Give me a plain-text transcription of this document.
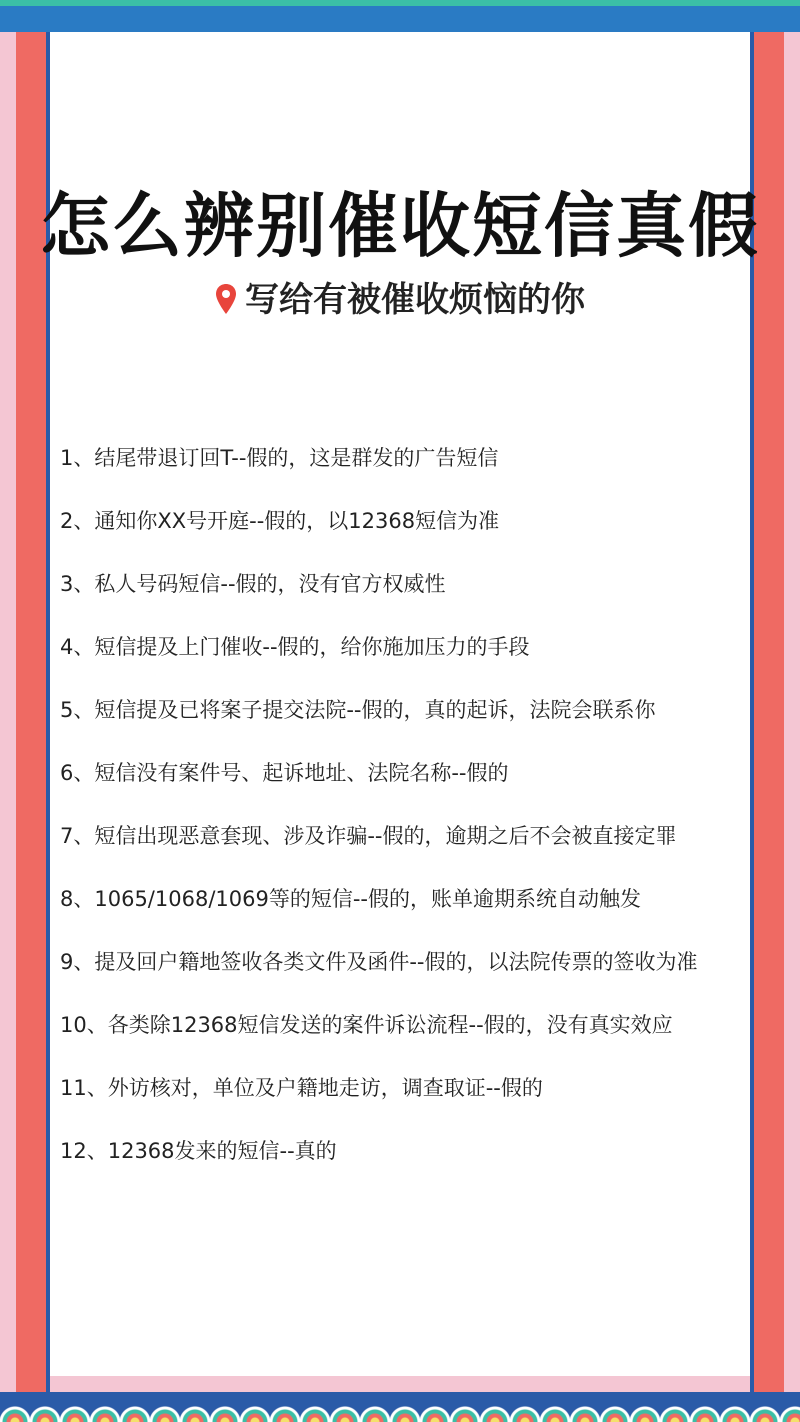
怎么辨别催收短信真假
写给有被催收烦恼的你
1、结尾带退订回T--假的，这是群发的广告短信
2、通知你XX号开庭--假的，以12368短信为准
3、私人号码短信--假的，没有官方权威性
4、短信提及上门催收--假的，给你施加压力的手段
5、短信提及已将案子提交法院--假的，真的起诉，法院会联系你
6、短信没有案件号、起诉地址、法院名称--假的
7、短信出现恶意套现、涉及诈骗--假的，逾期之后不会被直接定罪
8、1065/1068/1069等的短信--假的，账单逾期系统自动触发
9、提及回户籍地签收各类文件及函件--假的，以法院传票的签收为准
10、各类除12368短信发送的案件诉讼流程--假的，没有真实效应
11、外访核对，单位及户籍地走访，调查取证--假的
12、12368发来的短信--真的
